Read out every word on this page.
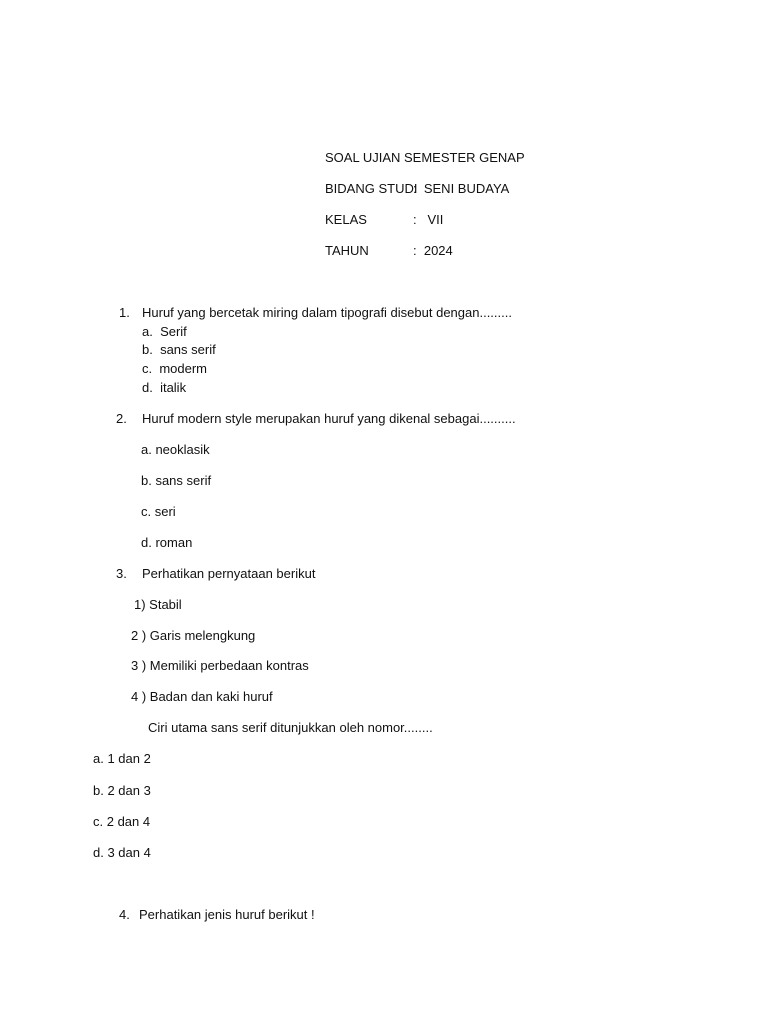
SOAL UJIAN SEMESTER GENAP
BIDANG STUDI
:  SENI BUDAYA
KELAS	:   VII
TAHUN	:  2024
1. Huruf yang bercetak miring dalam tipografi disebut dengan.........
a.  Serif
b.  sans serif
c.  moderm
d.  italik
2. Huruf modern style merupakan huruf yang dikenal sebagai..........
a. neoklasik
b. sans serif
c. seri
d. roman
3. Perhatikan pernyataan berikut
1) Stabil
2 ) Garis melengkung
3 ) Memiliki perbedaan kontras
4 ) Badan dan kaki huruf
Ciri utama sans serif ditunjukkan oleh nomor........
a. 1 dan 2
b. 2 dan 3
c. 2 dan 4
d. 3 dan 4
4. Perhatikan jenis huruf berikut !
